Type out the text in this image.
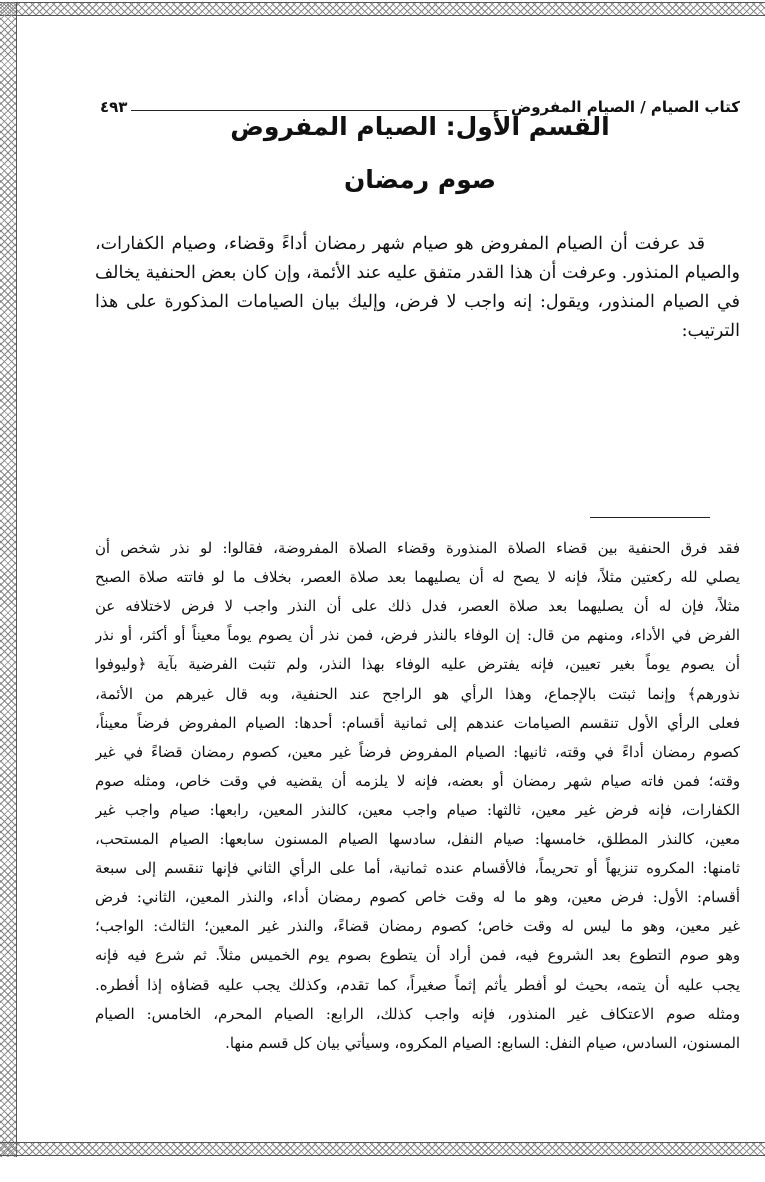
كتاب الصيام / الصيام المفروض
٤٩٣
القسم الأول: الصيام المفروض
صوم رمضان
قد عرفت أن الصيام المفروض هو صيام شهر رمضان أداءً وقضاء، وصيام الكفارات،
والصيام المنذور. وعرفت أن هذا القدر متفق عليه عند الأئمة، وإن كان بعض الحنفية يخالف
في الصيام المنذور، ويقول: إنه واجب لا فرض، وإليك بيان الصيامات المذكورة على هذا
الترتيب:
فقد فرق الحنفية بين قضاء الصلاة المنذورة وقضاء الصلاة المفروضة، فقالوا: لو نذر شخص أن
يصلي لله ركعتين مثلاً، فإنه لا يصح له أن يصليهما بعد صلاة العصر، بخلاف ما لو فاتته صلاة الصبح
مثلاً، فإن له أن يصليهما بعد صلاة العصر، فدل ذلك على أن النذر واجب لا فرض لاختلافه عن
الفرض في الأداء، ومنهم من قال: إن الوفاء بالنذر فرض، فمن نذر أن يصوم يوماً معيناً أو أكثر، أو نذر
أن يصوم يوماً بغير تعيين، فإنه يفترض عليه الوفاء بهذا النذر، ولم تثبت الفرضية بآية ﴿وليوفوا
نذورهم﴾ وإنما ثبتت بالإجماع، وهذا الرأي هو الراجح عند الحنفية، وبه قال غيرهم من الأئمة،
فعلى الرأي الأول تنقسم الصيامات عندهم إلى ثمانية أقسام: أحدها: الصيام المفروض فرضاً معيناً،
كصوم رمضان أداءً في وقته، ثانيها: الصيام المفروض فرضاً غير معين، كصوم رمضان قضاءً في غير
وقته؛ فمن فاته صيام شهر رمضان أو بعضه، فإنه لا يلزمه أن يقضيه في وقت خاص، ومثله صوم
الكفارات، فإنه فرض غير معين، ثالثها: صيام واجب معين، كالنذر المعين، رابعها: صيام واجب غير
معين، كالنذر المطلق، خامسها: صيام النفل، سادسها الصيام المسنون سابعها: الصيام المستحب،
ثامنها: المكروه تنزيهاً أو تحريماً، فالأقسام عنده ثمانية، أما على الرأي الثاني فإنها تنقسم إلى سبعة
أقسام: الأول: فرض معين، وهو ما له وقت خاص كصوم رمضان أداء، والنذر المعين، الثاني: فرض
غير معين، وهو ما ليس له وقت خاص؛ كصوم رمضان قضاءً، والنذر غير المعين؛ الثالث: الواجب؛
وهو صوم التطوع بعد الشروع فيه، فمن أراد أن يتطوع بصوم يوم الخميس مثلاً. ثم شرع فيه فإنه
يجب عليه أن يتمه، بحيث لو أفطر يأثم إثماً صغيراً، كما تقدم، وكذلك يجب عليه قضاؤه إذا أفطره.
ومثله صوم الاعتكاف غير المنذور، فإنه واجب كذلك، الرابع: الصيام المحرم، الخامس: الصيام
المسنون، السادس، صيام النفل: السابع: الصيام المكروه، وسيأتي بيان كل قسم منها.
